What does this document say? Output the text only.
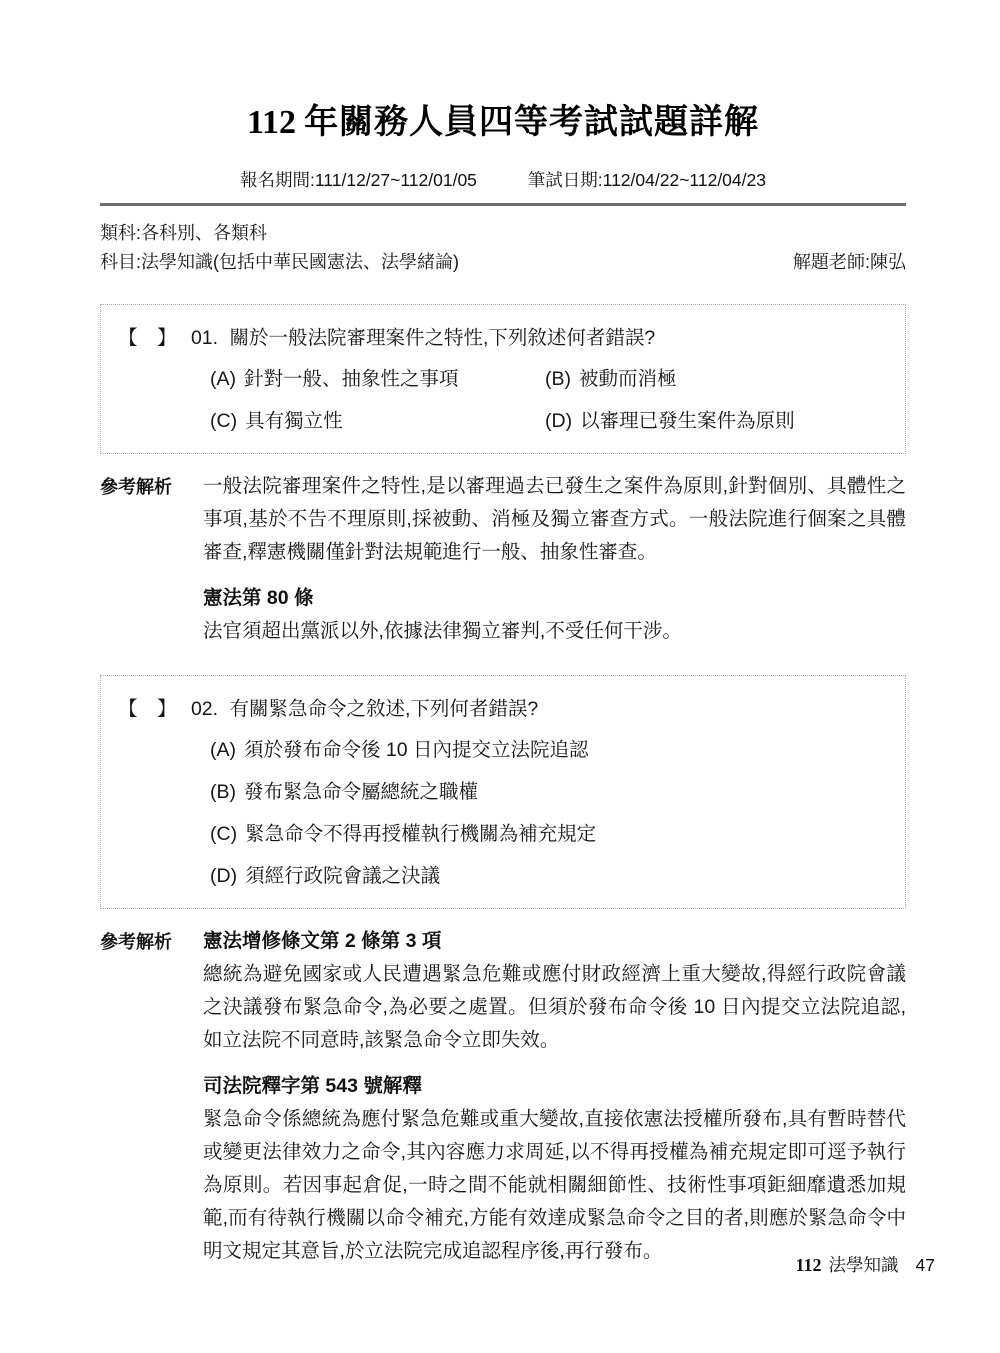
112 年關務人員四等考試試題詳解
報名期間:111/12/27~112/01/05	筆試日期:112/04/22~112/04/23
類科:各科別、各類科
科目:法學知識(包括中華民國憲法、法學緒論)	解題老師:陳弘
【　】 01. 關於一般法院審理案件之特性,下列敘述何者錯誤?
(A) 針對一般、抽象性之事項	(B) 被動而消極
(C) 具有獨立性	(D) 以審理已發生案件為原則
參考解析	一般法院審理案件之特性,是以審理過去已發生之案件為原則,針對個別、具體性之事項,基於不告不理原則,採被動、消極及獨立審查方式。一般法院進行個案之具體審查,釋憲機關僅針對法規範進行一般、抽象性審查。

憲法第 80 條

法官須超出黨派以外,依據法律獨立審判,不受任何干涉。

【　】 02. 有關緊急命令之敘述,下列何者錯誤?
(A) 須於發布命令後 10 日內提交立法院追認
(B) 發布緊急命令屬總統之職權
(C) 緊急命令不得再授權執行機關為補充規定
(D) 須經行政院會議之決議
參考解析	憲法增修條文第 2 條第 3 項

總統為避免國家或人民遭遇緊急危難或應付財政經濟上重大變故,得經行政院會議之決議發布緊急命令,為必要之處置。但須於發布命令後 10 日內提交立法院追認,如立法院不同意時,該緊急命令立即失效。

司法院釋字第 543 號解釋

緊急命令係總統為應付緊急危難或重大變故,直接依憲法授權所發布,具有暫時替代或變更法律效力之命令,其內容應力求周延,以不得再授權為補充規定即可逕予執行為原則。若因事起倉促,一時之間不能就相關細節性、技術性事項鉅細靡遺悉加規範,而有待執行機關以命令補充,方能有效達成緊急命令之目的者,則應於緊急命令中明文規定其意旨,於立法院完成追認程序後,再行發布。

112 法學知識 47
